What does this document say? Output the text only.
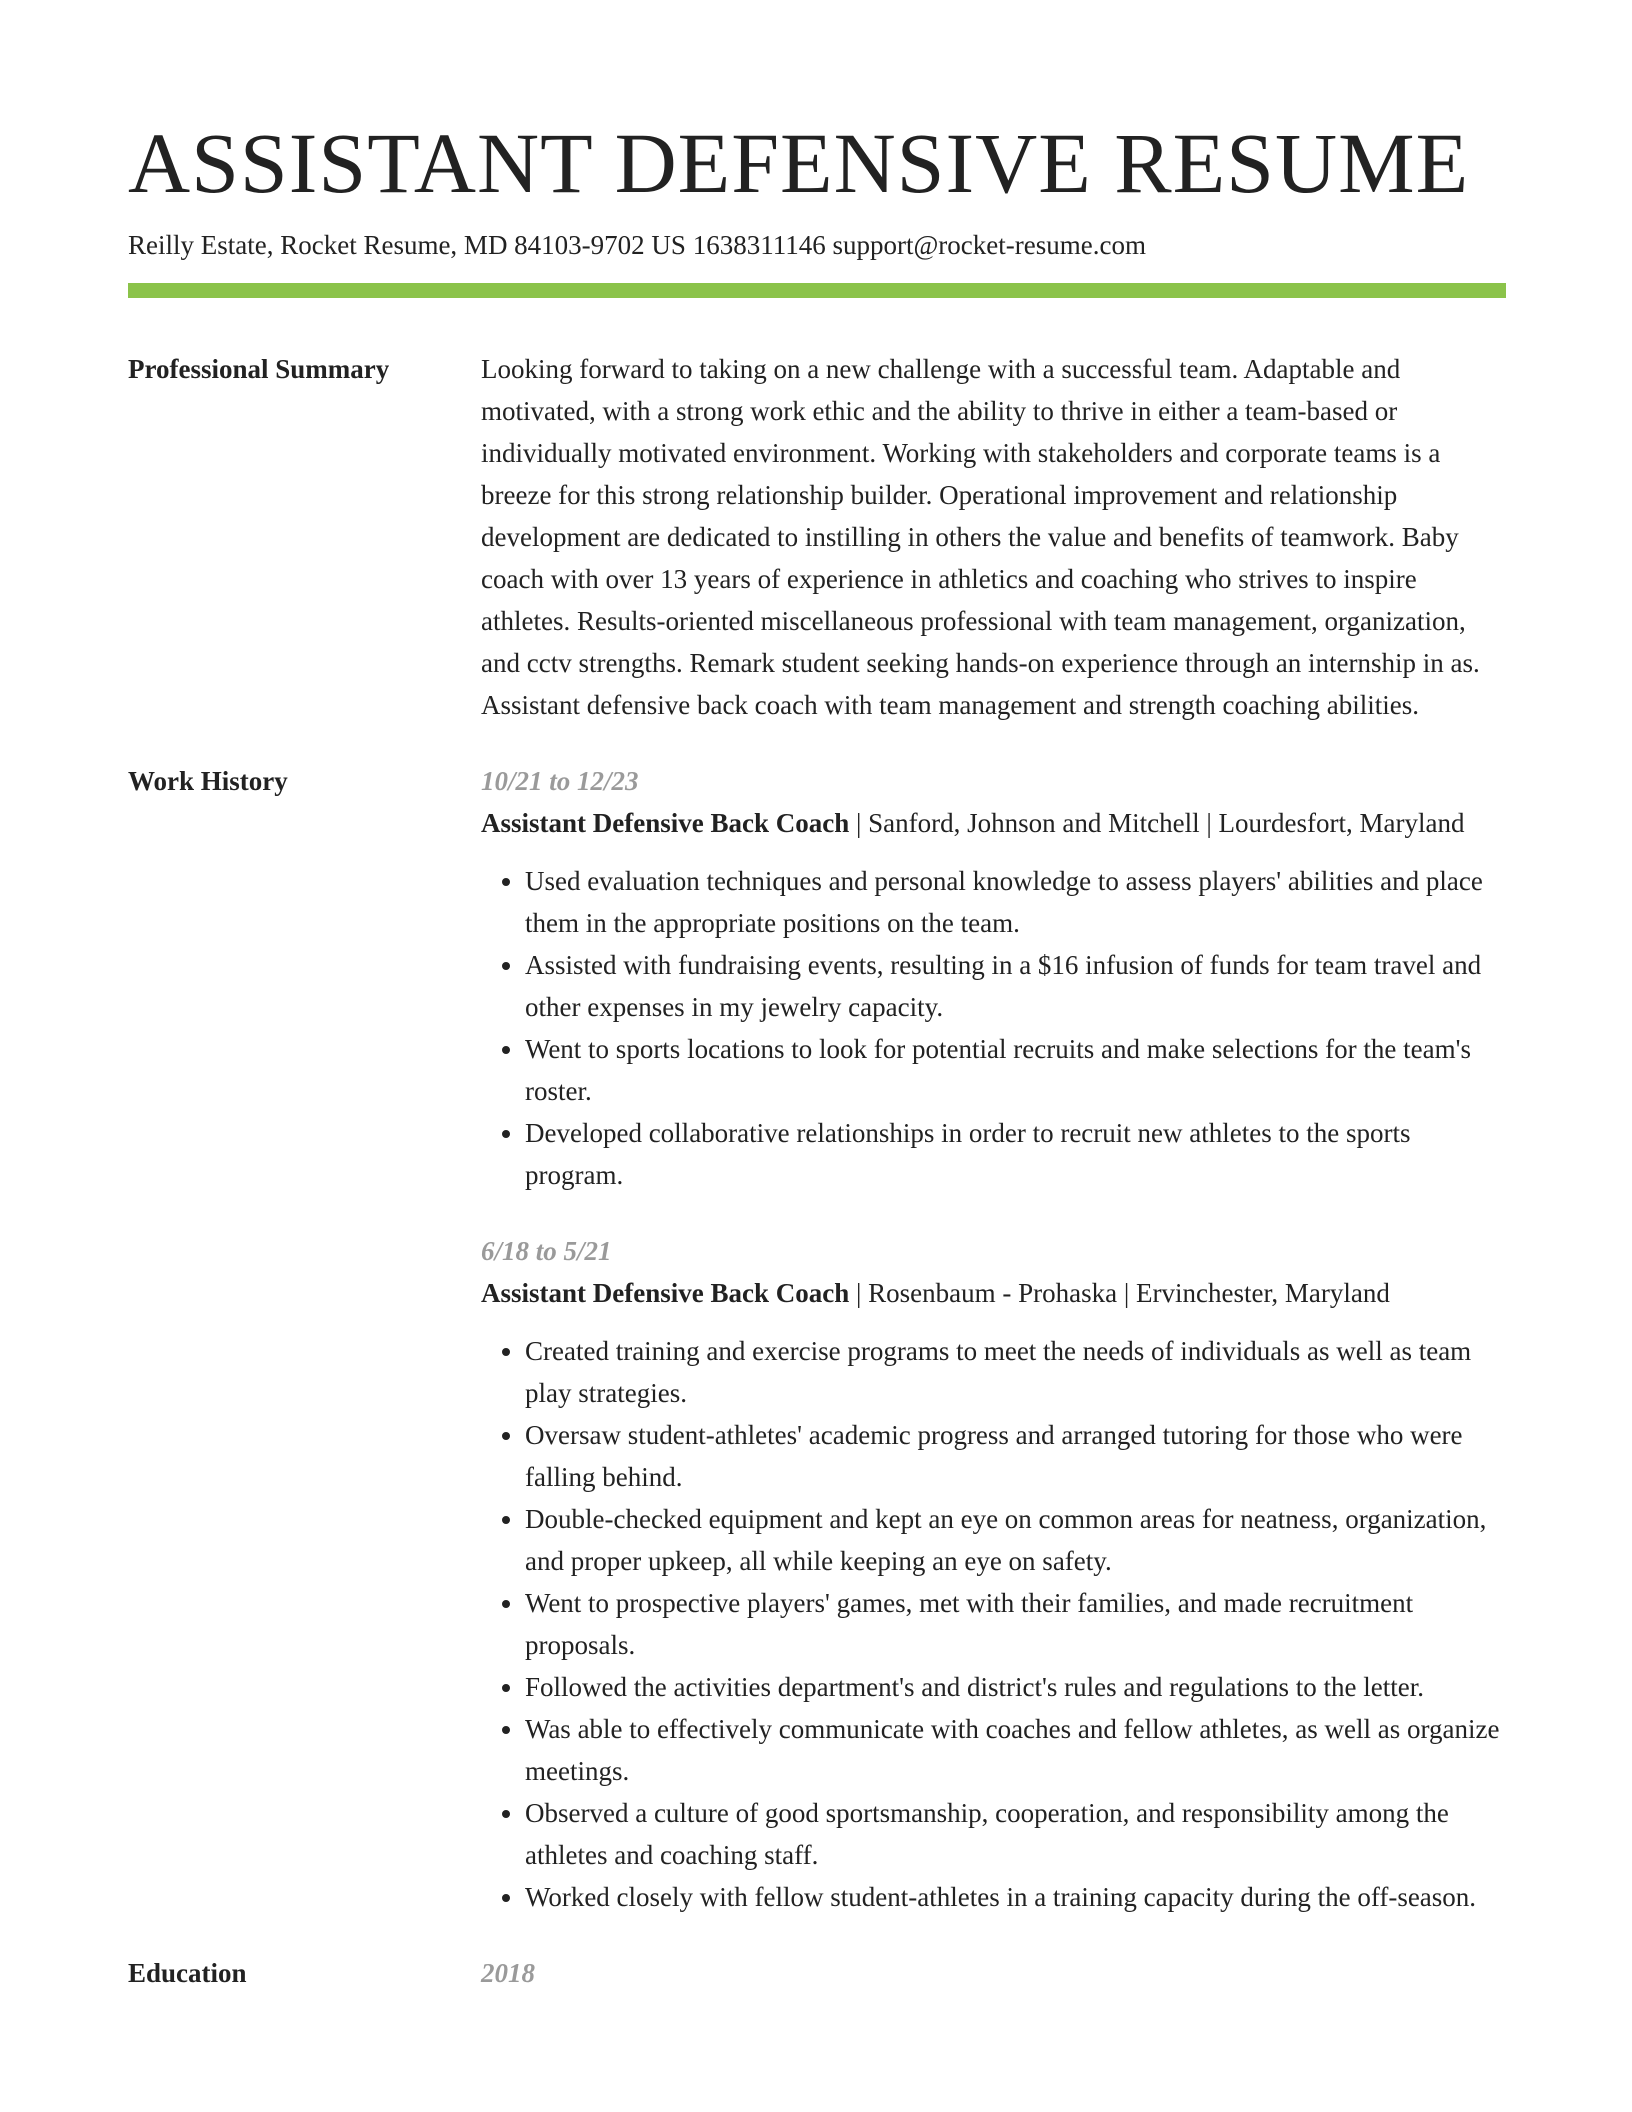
ASSISTANT DEFENSIVE RESUME
Reilly Estate, Rocket Resume, MD 84103-9702 US 1638311146 support@rocket-resume.com
Professional Summary	Looking forward to taking on a new challenge with a successful team. Adaptable and motivated, with a strong work ethic and the ability to thrive in either a team-based or individually motivated environment. Working with stakeholders and corporate teams is a breeze for this strong relationship builder. Operational improvement and relationship development are dedicated to instilling in others the value and benefits of teamwork. Baby coach with over 13 years of experience in athletics and coaching who strives to inspire athletes. Results-oriented miscellaneous professional with team management, organization, and cctv strengths. Remark student seeking hands-on experience through an internship in as. Assistant defensive back coach with team management and strength coaching abilities.
Work History	10/21 to 12/23
Assistant Defensive Back Coach | Sanford, Johnson and Mitchell | Lourdesfort, Maryland
• Used evaluation techniques and personal knowledge to assess players' abilities and place them in the appropriate positions on the team.
• Assisted with fundraising events, resulting in a $16 infusion of funds for team travel and other expenses in my jewelry capacity.
• Went to sports locations to look for potential recruits and make selections for the team's roster.
• Developed collaborative relationships in order to recruit new athletes to the sports program.
6/18 to 5/21
Assistant Defensive Back Coach | Rosenbaum - Prohaska | Ervinchester, Maryland
• Created training and exercise programs to meet the needs of individuals as well as team play strategies.
• Oversaw student-athletes' academic progress and arranged tutoring for those who were falling behind.
• Double-checked equipment and kept an eye on common areas for neatness, organization, and proper upkeep, all while keeping an eye on safety.
• Went to prospective players' games, met with their families, and made recruitment proposals.
• Followed the activities department's and district's rules and regulations to the letter.
• Was able to effectively communicate with coaches and fellow athletes, as well as organize meetings.
• Observed a culture of good sportsmanship, cooperation, and responsibility among the athletes and coaching staff.
• Worked closely with fellow student-athletes in a training capacity during the off-season.
Education	2018
